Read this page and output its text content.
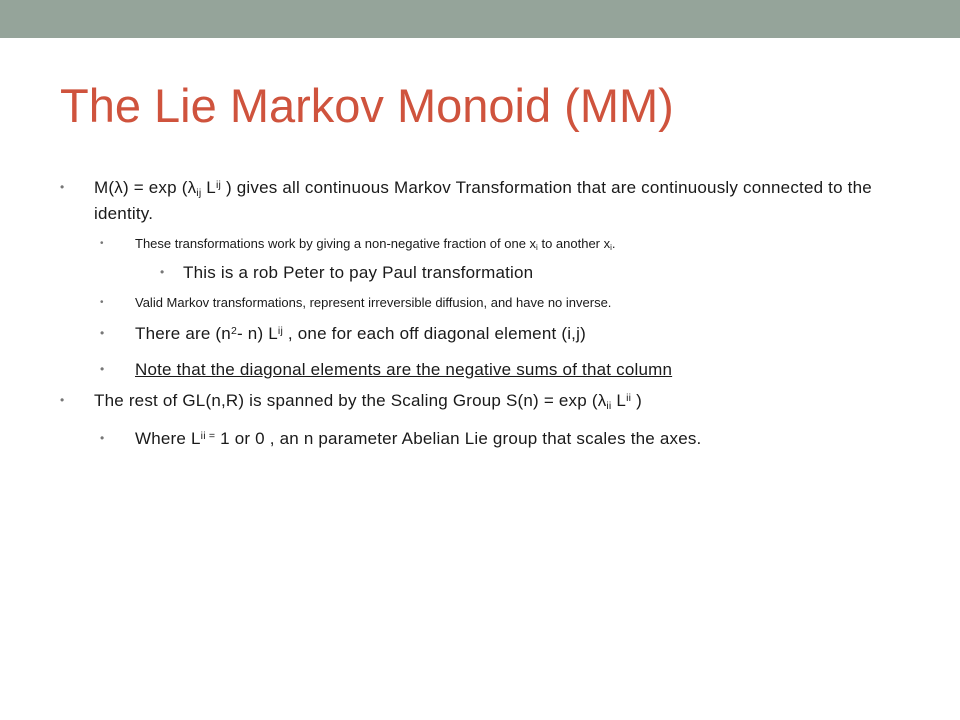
The Lie Markov Monoid (MM)

• M(λ) = exp (λij $L^{ij}$ ) gives all continuous Markov Transformation that are continuously connected to the identity.

• These transformations work by giving a non-negative fraction of one xi to another xi.

• This is a rob Peter to pay Paul transformation

• Valid Markov transformations, represent irreversible diffusion, and have no inverse.

• There are ($n^2-$ n) $L^{ij}$ , one for each off diagonal element (i,j)

• Note that the diagonal elements are the negative sums of that column

• The rest of GL(n,R) is spanned by the Scaling Group S(n) = exp (λii $L^{ii}$ )

• Where $L^{ii =}$ 1 or 0 , an n parameter Abelian Lie group that scales the axes.
